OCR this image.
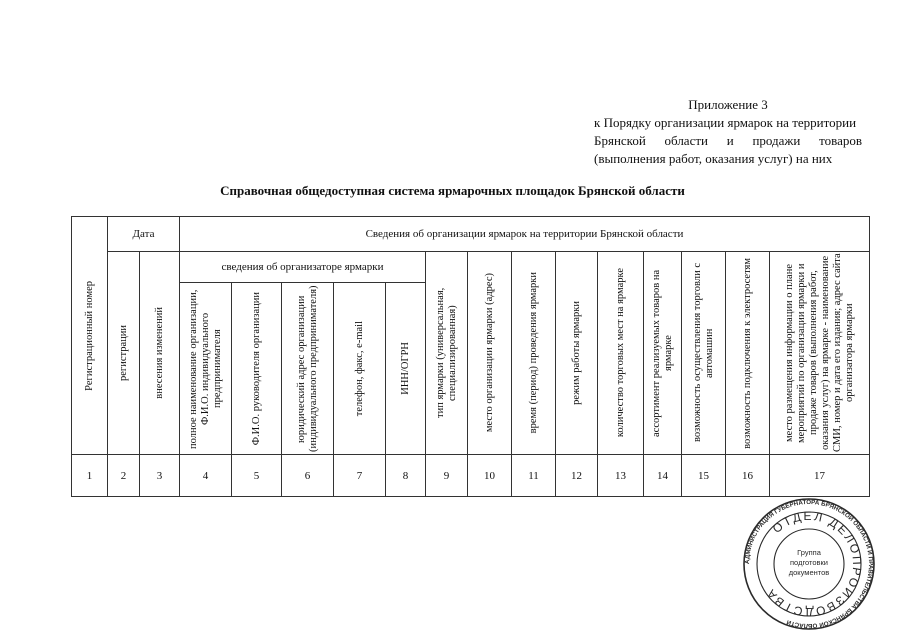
Приложение 3
к Порядку организации ярмарок на территории
Брянской области и продажи товаров
(выполнения работ, оказания услуг) на них
Справочная общедоступная система ярмарочных площадок Брянской области
Регистрационный номер	Дата		Сведения об организации ярмарок на территории Брянской области													

	регистрации	внесения изменений	сведения об организаторе ярмарки					тип ярмарки (универсальная, специализированная)	место организации ярмарки (адрес)	время (период) проведения ярмарки	режим работы ярмарки	количество торговых мест на ярмарке	ассортимент реализуемых товаров на ярмарке	возможность осуществления торговли с автомашин	возможность подключения к электросетям	место размещения информации о плане мероприятий по организации ярмарки и продаже товаров (выполнения работ, оказания услуг) на ярмарке - наименование СМИ, номер и дата его издания; адрес сайта организатора ярмарки

			полное наименование организации, Ф.И.О. индивидуального предпринимателя	Ф.И.О. руководителя организации	юридический адрес организации (индивидуального предпринимателя)	телефон, факс, e-mail	ИНН/ОГРН									

1	2	3	4	5	6	7	8	9	10	11	12	13	14	15	16	17
АДМИНИСТРАЦИЯ ГУБЕРНАТОРА БРЯНСКОЙ ОБЛАСТИ И ПРАВИТЕЛЬСТВА БРЯНСКОЙ ОБЛАСТИ
ОТДЕЛ ДЕЛОПРОИЗВОДСТВА
Группа
подготовки
документов
